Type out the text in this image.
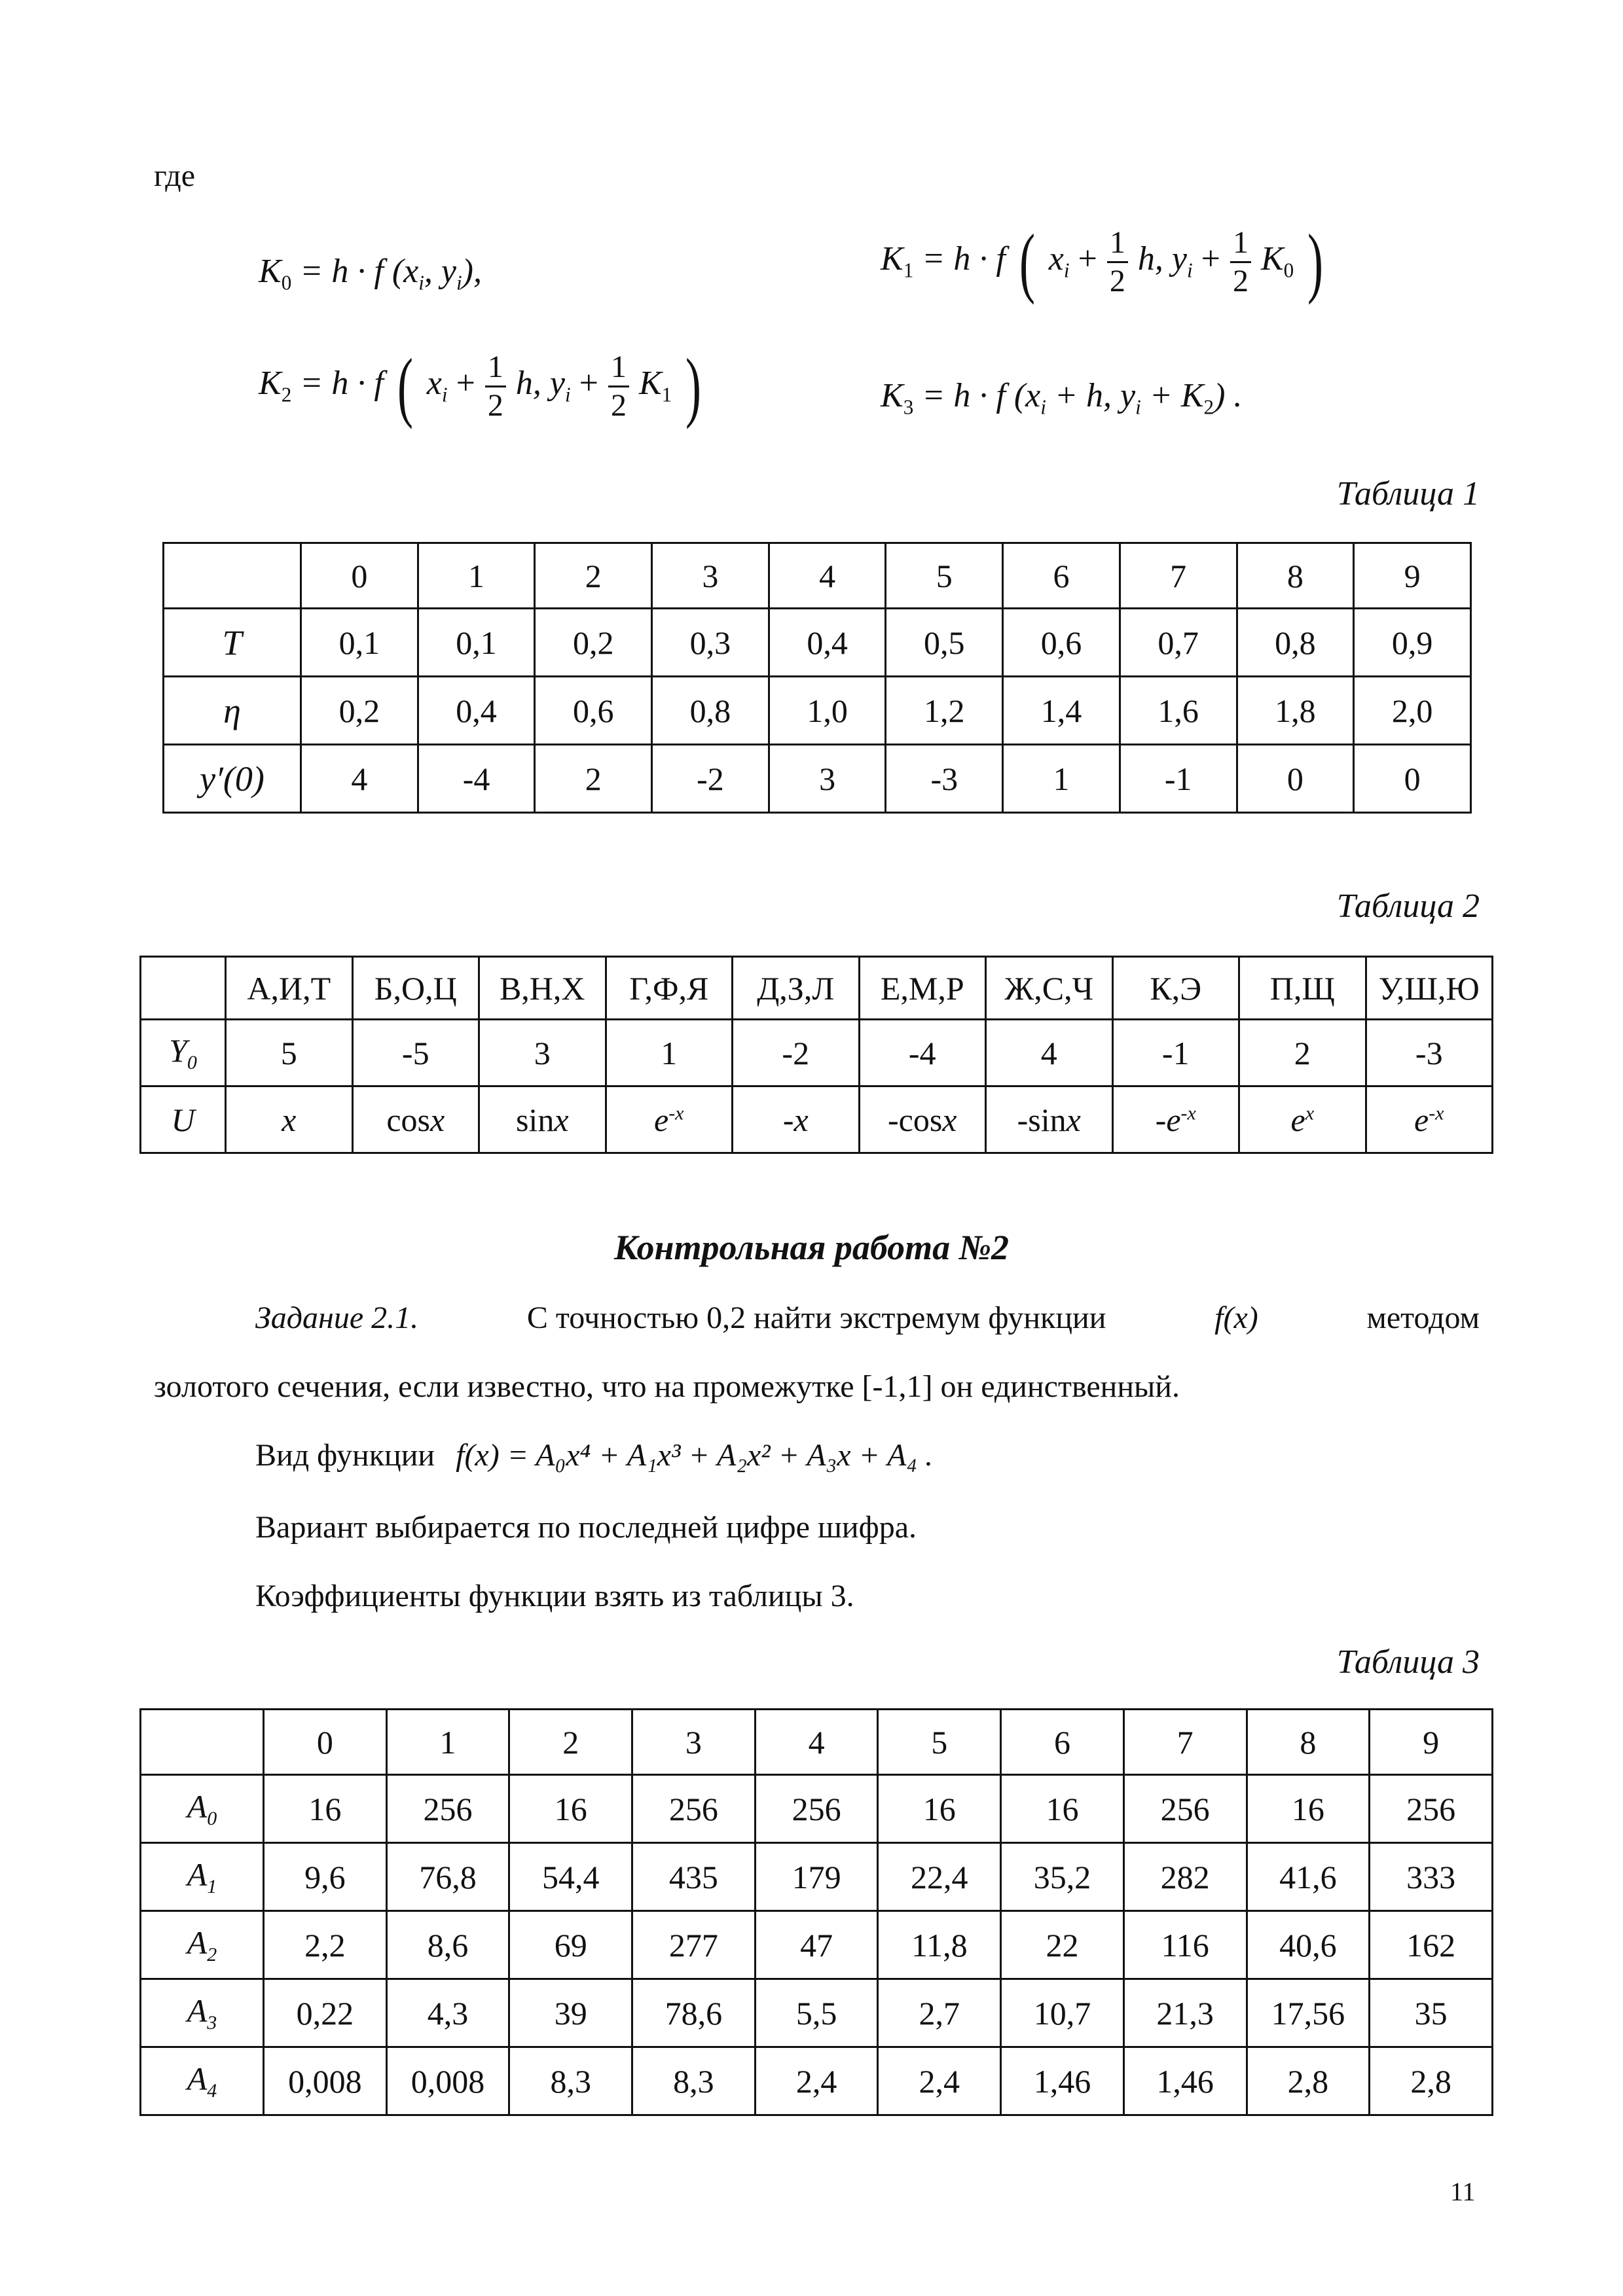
где
$K_0 = h \cdot f$ ($x_i$, $y_i$),	$K_1 = h \cdot f$ ( $x_i + \frac{1}{2} h$, $y_i + \frac{1}{2} K_0$ )
$K_2 = h \cdot f$ ( $x_i + \frac{1}{2} h$, $y_i + \frac{1}{2} K_1$ )	$K_3 = h \cdot f$ ($x_i + h$, $y_i + K_2$) .
Таблица 1
	0	1	2	3	4	5	6	7	8	9
T	0,1	0,1	0,2	0,3	0,4	0,5	0,6	0,7	0,8	0,9
η	0,2	0,4	0,6	0,8	1,0	1,2	1,4	1,6	1,8	2,0
y′(0)	4	-4	2	-2	3	-3	1	-1	0	0
Таблица 2
	А,И,Т	Б,О,Ц	В,Н,Х	Г,Ф,Я	Д,З,Л	Е,М,Р	Ж,С,Ч	К,Э	П,Щ	У,Ш,Ю
$Y_0$	5	-5	3	1	-2	-4	4	-1	2	-3
U	x	cosx	sinx	$e^{-x}$	-x	-cosx	-sinx	$-e^{-x}$	$e^x$	$e^{-x}$
Контрольная работа №2
Задание 2.1.	С точностью 0,2 найти экстремум функции	f(x)	методом
золотого сечения, если известно, что на промежутке [-1,1] он единственный.
Вид функции f(x) = A₀x⁴ + A₁x³ + A₂x² + A₃x + A₄ .
Вариант выбирается по последней цифре шифра.
Коэффициенты функции взять из таблицы 3.
Таблица 3
	0	1	2	3	4	5	6	7	8	9
$A_0$	16	256	16	256	256	16	16	256	16	256
$A_1$	9,6	76,8	54,4	435	179	22,4	35,2	282	41,6	333
$A_2$	2,2	8,6	69	277	47	11,8	22	116	40,6	162
$A_3$	0,22	4,3	39	78,6	5,5	2,7	10,7	21,3	17,56	35
$A_4$	0,008	0,008	8,3	8,3	2,4	2,4	1,46	1,46	2,8	2,8
11
